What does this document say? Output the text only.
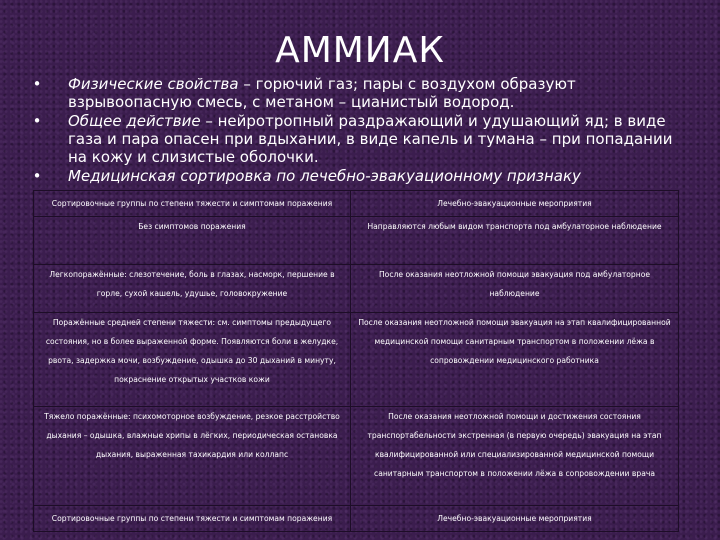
АММИАК
• Физические свойства – горючий газ; пары с воздухом образуют взрывоопасную смесь, с метаном – цианистый водород.
• Общее действие – нейротропный раздражающий и удушающий яд; в виде газа и пара опасен при вдыхании, в виде капель и тумана – при попадании на кожу и слизистые оболочки.
• Медицинская сортировка по лечебно-эвакуационному признаку
Сортировочные группы по степени тяжести и симптомам поражения	Лечебно-эвакуационные мероприятия
Без симптомов поражения	Направляются любым видом транспорта под амбулаторное наблюдение
Легкопоражённые: слезотечение, боль в глазах, насморк, першение в горле, сухой кашель, удушье, головокружение	После оказания неотложной помощи эвакуация под амбулаторное наблюдение
Поражённые средней степени тяжести: см. симптомы предыдущего состояния, но в более выраженной форме. Появляются боли в желудке, рвота, задержка мочи, возбуждение, одышка до 30 дыханий в минуту, покраснение открытых участков кожи	После оказания неотложной помощи эвакуация на этап квалифицированной медицинской помощи санитарным транспортом в положении лёжа в сопровождении медицинского работника
Тяжело поражённые: психомоторное возбуждение, резкое расстройство дыхания – одышка, влажные хрипы в лёгких, периодическая остановка дыхания, выраженная тахикардия или коллапс	После оказания неотложной помощи и достижения состояния транспортабельности экстренная (в первую очередь) эвакуация на этап квалифицированной или специализированной медицинской помощи санитарным транспортом в положении лёжа в сопровождении врача
Сортировочные группы по степени тяжести и симптомам поражения	Лечебно-эвакуационные мероприятия
